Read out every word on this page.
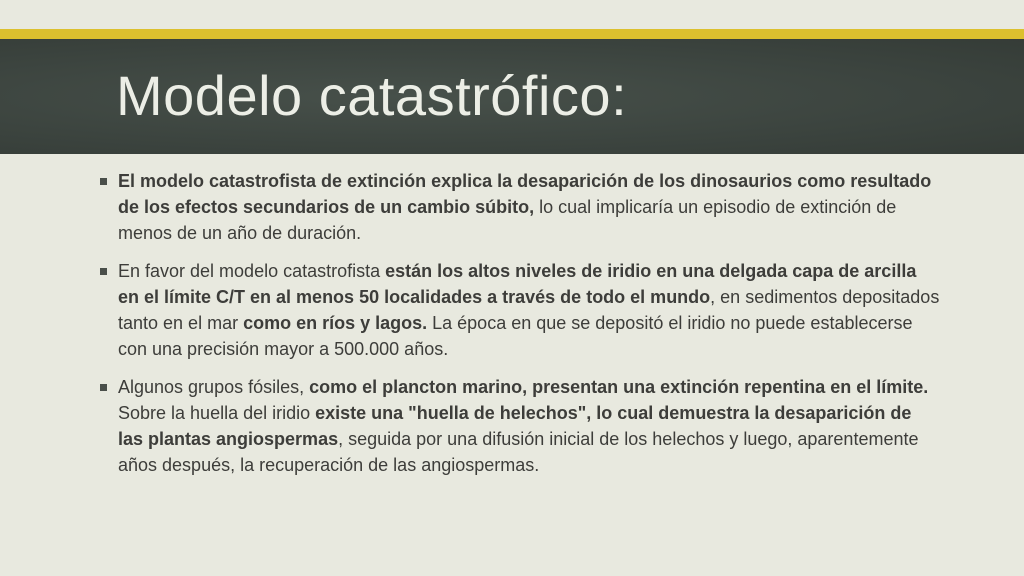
Modelo catastrófico:
El modelo catastrofista de extinción explica la desaparición de los dinosaurios como resultado de los efectos secundarios de un cambio súbito, lo cual implicaría un episodio de extinción de menos de un año de duración.
En favor del modelo catastrofista están los altos niveles de iridio en una delgada capa de arcilla en el límite C/T en al menos 50 localidades a través de todo el mundo, en sedimentos depositados tanto en el mar como en ríos y lagos. La época en que se depositó el iridio no puede establecerse con una precisión mayor a 500.000 años.
Algunos grupos fósiles, como el plancton marino, presentan una extinción repentina en el límite. Sobre la huella del iridio existe una "huella de helechos", lo cual demuestra la desaparición de las plantas angiospermas, seguida por una difusión inicial de los helechos y luego, aparentemente años después, la recuperación de las angiospermas.
